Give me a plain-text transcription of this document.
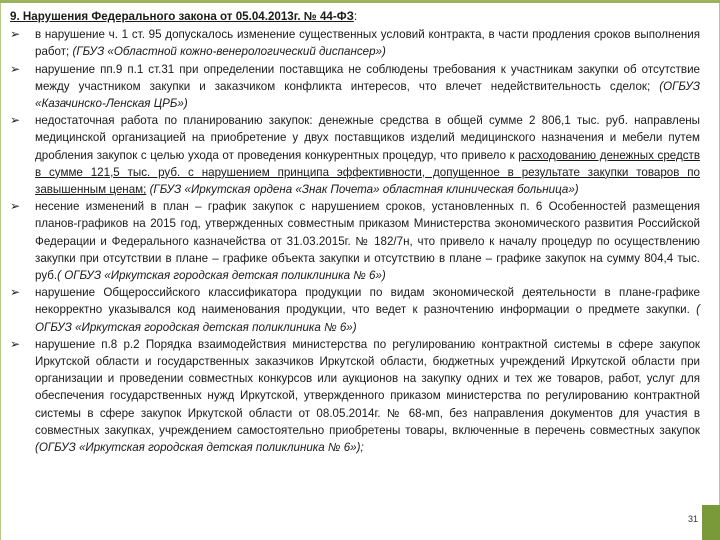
9. Нарушения Федерального закона от 05.04.2013г. № 44-ФЗ:
➢	в нарушение ч. 1 ст. 95 допускалось изменение существенных условий контракта, в части продления сроков выполнения работ; (ГБУЗ «Областной кожно-венерологический диспансер»)
➢	нарушение пп.9 п.1 ст.31 при определении поставщика не соблюдены требования к участникам закупки об отсутствие между участником закупки и заказчиком конфликта интересов, что влечет недействительность сделок; (ОГБУЗ «Казачинско-Ленская ЦРБ»)
➢	недостаточная работа по планированию закупок: денежные средства в общей сумме 2 806,1 тыс. руб. направлены медицинской организацией на приобретение у двух поставщиков изделий медицинского назначения и мебели путем дробления закупок с целью ухода от проведения конкурентных процедур, что привело к расходованию денежных средств в сумме 121,5 тыс. руб. с нарушением принципа эффективности, допущенное в результате закупки товаров по завышенным ценам; (ГБУЗ «Иркутская ордена «Знак Почета» областная клиническая больница»)
➢	несение изменений в план – график закупок с нарушением сроков, установленных п. 6 Особенностей размещения планов-графиков на 2015 год, утвержденных совместным приказом Министерства экономического развития Российской Федерации и Федерального казначейства от 31.03.2015г. № 182/7н, что привело к началу процедур по осуществлению закупки при отсутствии в плане – графике объекта закупки и отсутствию в плане – графике закупок на сумму 804,4 тыс. руб.( ОГБУЗ «Иркутская городская детская поликлиника № 6»)
➢	нарушение Общероссийского классификатора продукции по видам экономической деятельности в плане-графике некорректно указывался код наименования продукции, что ведет к разночтению информации о предмете закупки. ( ОГБУЗ «Иркутская городская детская поликлиника № 6»)
➢	нарушение п.8 р.2 Порядка взаимодействия министерства по регулированию контрактной системы в сфере закупок Иркутской области и государственных заказчиков Иркутской области, бюджетных учреждений Иркутской области при организации и проведении совместных конкурсов или аукционов на закупку одних и тех же товаров, работ, услуг для обеспечения государственных нужд Иркутской, утвержденного приказом министерства по регулированию контрактной системы в сфере закупок Иркутской области от 08.05.2014г. № 68-мп, без направления документов для участия в совместных закупках, учреждением самостоятельно приобретены товары, включенные в перечень совместных закупок (ОГБУЗ «Иркутская городская детская поликлиника № 6»);
31
